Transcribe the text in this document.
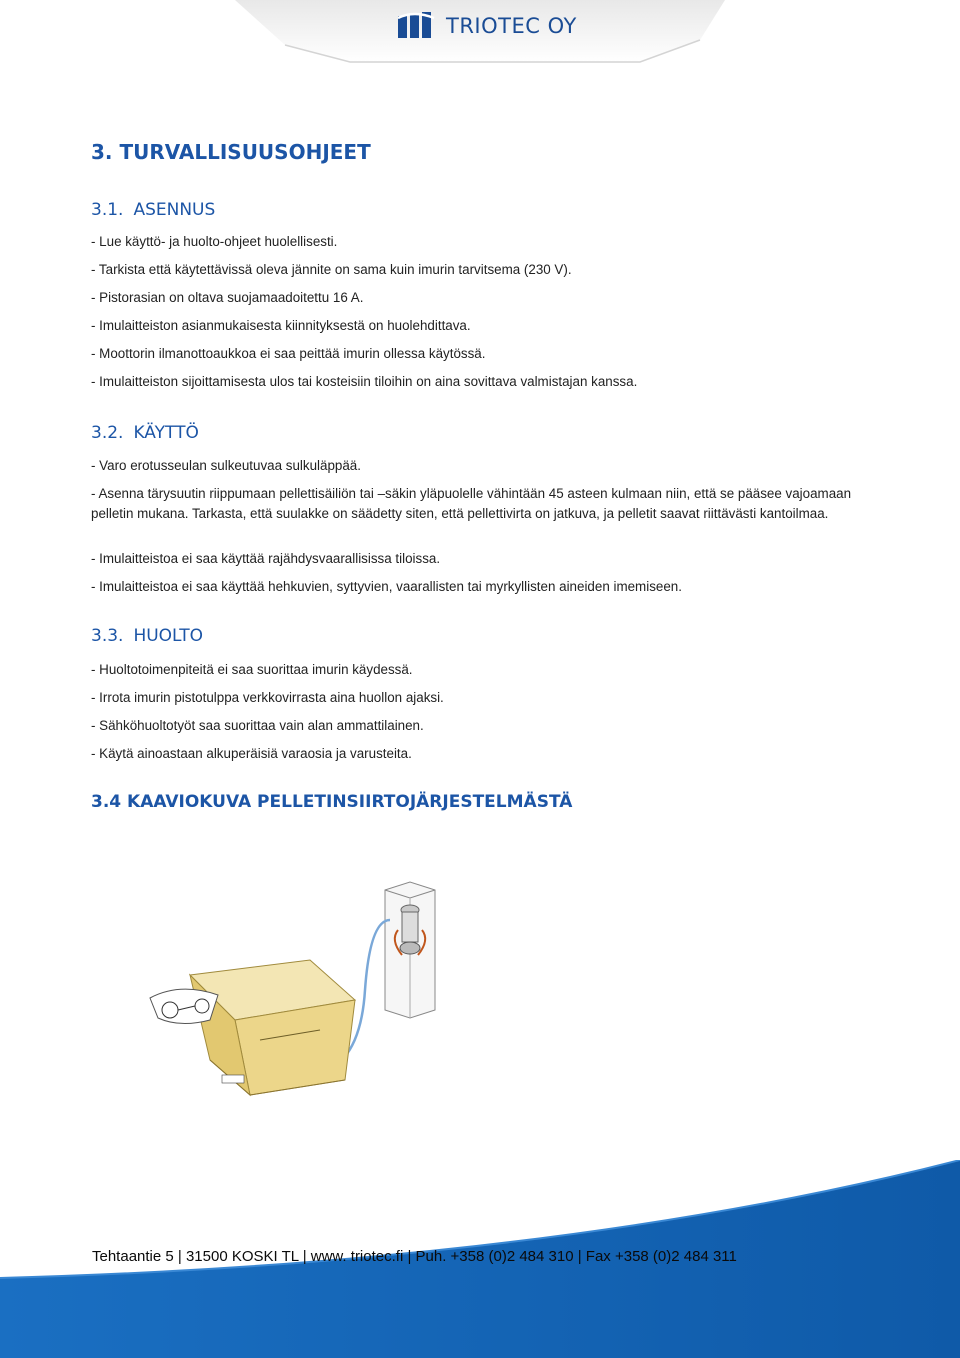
TRIOTEC OY
3. TURVALLISUUSOHJEET
3.1. ASENNUS
- Lue käyttö- ja huolto-ohjeet huolellisesti.
- Tarkista että käytettävissä oleva jännite on sama kuin imurin tarvitsema (230 V).
- Pistorasian on oltava suojamaadoitettu 16 A.
- Imulaitteiston asianmukaisesta kiinnityksestä on huolehdittava.
- Moottorin ilmanottoaukkoa ei saa peittää imurin ollessa käytössä.
- Imulaitteiston sijoittamisesta ulos tai kosteisiin tiloihin on aina sovittava valmistajan kanssa.
3.2. KÄYTTÖ
- Varo erotusseulan sulkeutuvaa sulkuläppää.
- Asenna tärysuutin riippumaan pellettisäiliön tai –säkin yläpuolelle vähintään 45 asteen kulmaan niin, että se pääsee vajoamaan pelletin mukana. Tarkasta, että suulakke on säädetty siten, että pellettivirta on jatkuva, ja pelletit saavat riittävästi kantoilmaa.
- Imulaitteistoa ei saa käyttää rajähdysvaarallisissa tiloissa.
- Imulaitteistoa ei saa käyttää hehkuvien, syttyvien, vaarallisten tai myrkyllisten aineiden imemiseen.
3.3. HUOLTO
- Huoltotoimenpiteitä ei saa suorittaa imurin käydessä.
- Irrota imurin pistotulppa verkkovirrasta aina huollon ajaksi.
- Sähköhuoltotyöt saa suorittaa vain alan ammattilainen.
- Käytä ainoastaan alkuperäisiä varaosia ja varusteita.
3.4 KAAVIOKUVA PELLETINSIIRTOJÄRJESTELMÄSTÄ
Tehtaantie 5 | 31500 KOSKI TL | www. triotec.fi | Puh. +358 (0)2 484 310 | Fax +358 (0)2 484 311
